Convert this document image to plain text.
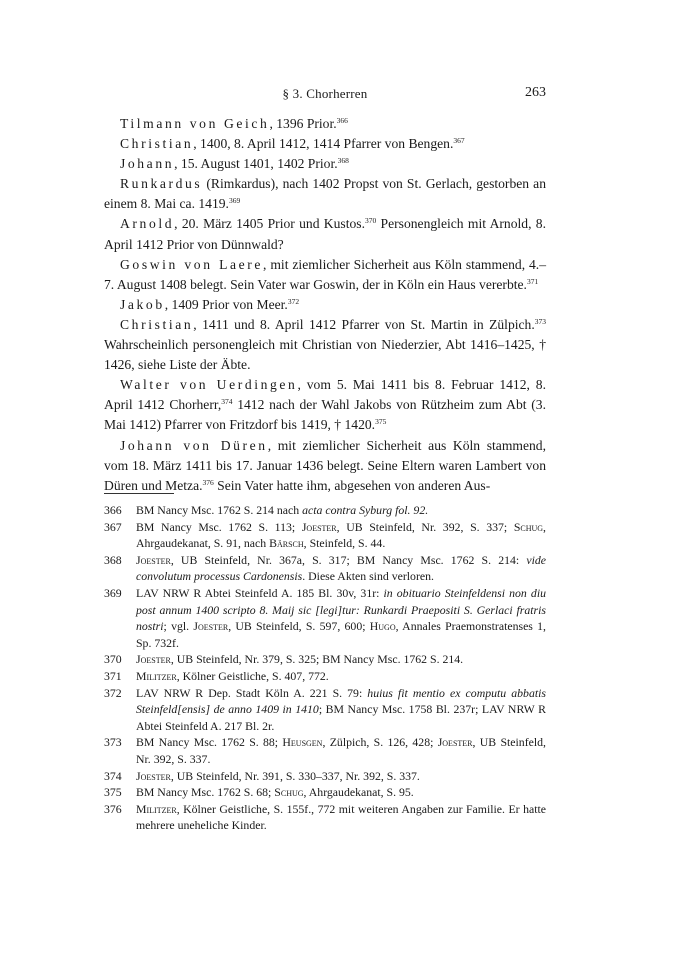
§ 3. Chorherren	263

Tilmann von Geich, 1396 Prior.$^{366}$

Christian, 1400, 8. April 1412, 1414 Pfarrer von Bengen.$^{367}$

Johann, 15. August 1401, 1402 Prior.$^{368}$

Runkardus (Rimkardus), nach 1402 Propst von St. Gerlach, gestorben an einem 8. Mai ca. 1419.$^{369}$

Arnold, 20. März 1405 Prior und Kustos.$^{370}$ Personengleich mit Arnold, 8. April 1412 Prior von Dünnwald?

Goswin von Laere, mit ziemlicher Sicherheit aus Köln stammend, 4.–7. August 1408 belegt. Sein Vater war Goswin, der in Köln ein Haus vererbte.$^{371}$

Jakob, 1409 Prior von Meer.$^{372}$

Christian, 1411 und 8. April 1412 Pfarrer von St. Martin in Zülpich.$^{373}$ Wahrscheinlich personengleich mit Christian von Niederzier, Abt 1416–1425, † 1426, siehe Liste der Äbte.

Walter von Uerdingen, vom 5. Mai 1411 bis 8. Februar 1412, 8. April 1412 Chorherr,$^{374}$ 1412 nach der Wahl Jakobs von Rützheim zum Abt (3. Mai 1412) Pfarrer von Fritzdorf bis 1419, † 1420.$^{375}$

Johann von Düren, mit ziemlicher Sicherheit aus Köln stammend, vom 18. März 1411 bis 17. Januar 1436 belegt. Seine Eltern waren Lambert von Düren und Metza.$^{376}$ Sein Vater hatte ihm, abgesehen von anderen Aus-

366 BM Nancy Msc. 1762 S. 214 nach acta contra Syburg fol. 92.

367 BM Nancy Msc. 1762 S. 113; Joester, UB Steinfeld, Nr. 392, S. 337; Schug, Ahrgaudekanat, S. 91, nach Bärsch, Steinfeld, S. 44.

368 Joester, UB Steinfeld, Nr. 367a, S. 317; BM Nancy Msc. 1762 S. 214: vide convolutum processus Cardonensis. Diese Akten sind verloren.

369 LAV NRW R Abtei Steinfeld A. 185 Bl. 30v, 31r: in obituario Steinfeldensi non diu post annum 1400 scripto 8. Maij sic [legi]tur: Runkardi Praepositi S. Gerlaci fratris nostri; vgl. Joester, UB Steinfeld, S. 597, 600; Hugo, Annales Praemonstratenses 1, Sp. 732f.

370 Joester, UB Steinfeld, Nr. 379, S. 325; BM Nancy Msc. 1762 S. 214.

371 Militzer, Kölner Geistliche, S. 407, 772.

372 LAV NRW R Dep. Stadt Köln A. 221 S. 79: huius fit mentio ex computu abbatis Steinfeld[ensis] de anno 1409 in 1410; BM Nancy Msc. 1758 Bl. 237r; LAV NRW R Abtei Steinfeld A. 217 Bl. 2r.

373 BM Nancy Msc. 1762 S. 88; Heusgen, Zülpich, S. 126, 428; Joester, UB Steinfeld, Nr. 392, S. 337.

374 Joester, UB Steinfeld, Nr. 391, S. 330–337, Nr. 392, S. 337.

375 BM Nancy Msc. 1762 S. 68; Schug, Ahrgaudekanat, S. 95.

376 Militzer, Kölner Geistliche, S. 155f., 772 mit weiteren Angaben zur Familie. Er hatte mehrere uneheliche Kinder.
